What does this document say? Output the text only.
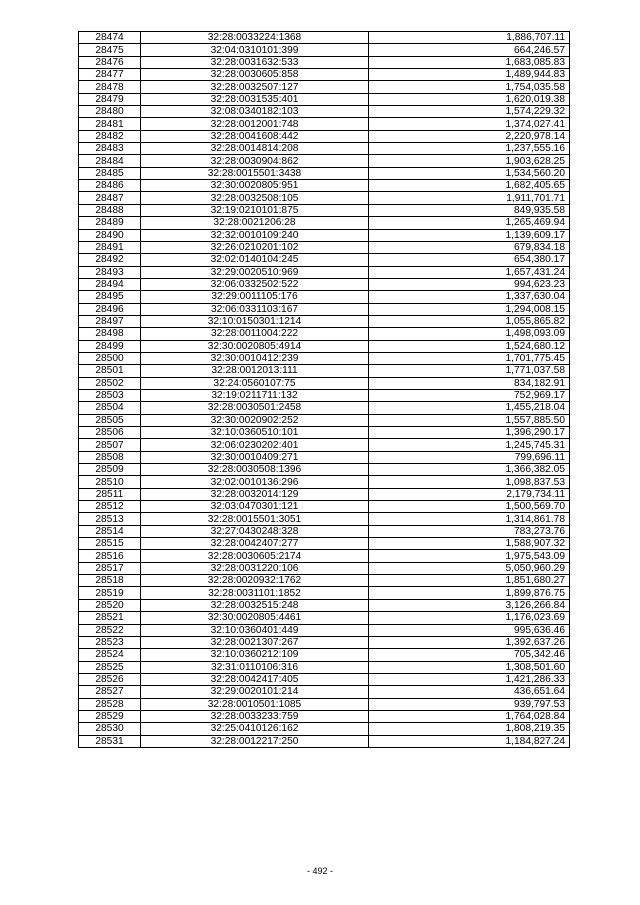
28474	32:28:0033224:1368	1,886,707.11
28475	32:04:0310101:399	664,246.57
28476	32:28:0031632:533	1,683,085.83
28477	32:28:0030605:858	1,489,944.83
28478	32:28:0032507:127	1,754,035.58
28479	32:28:0031535:401	1,620,019.38
28480	32:08:0340182:103	1,574,229.32
28481	32:28:0012001:748	1,374,027.41
28482	32:28:0041608:442	2,220,978.14
28483	32:28:0014814:208	1,237,555.16
28484	32:28:0030904:862	1,903,628.25
28485	32:28:0015501:3438	1,534,560.20
28486	32:30:0020805:951	1,682,405.65
28487	32:28:0032508:105	1,911,701.71
28488	32:19:0210101:875	849,935.58
28489	32:28:0021206:28	1,265,469.94
28490	32:32:0010109:240	1,139,609.17
28491	32:26:0210201:102	679,834.18
28492	32:02:0140104:245	654,380.17
28493	32:29:0020510:969	1,657,431.24
28494	32:06:0332502:522	994,623.23
28495	32:29:0011105:176	1,337,630.04
28496	32:06:0331103:167	1,294,008.15
28497	32:10:0150301:1214	1,055,865.82
28498	32:28:0011004:222	1,498,093.09
28499	32:30:0020805:4914	1,524,680.12
28500	32:30:0010412:239	1,701,775.45
28501	32:28:0012013:111	1,771,037.58
28502	32:24:0560107:75	834,182.91
28503	32:19:0211711:132	752,969.17
28504	32:28:0030501:2458	1,455,218.04
28505	32:30:0020902:252	1,557,885.50
28506	32:10:0360510:101	1,396,290.17
28507	32:06:0230202:401	1,245,745.31
28508	32:30:0010409:271	799,696.11
28509	32:28:0030508:1396	1,366,382.05
28510	32:02:0010136:296	1,098,837.53
28511	32:28:0032014:129	2,179,734.11
28512	32:03:0470301:121	1,500,569.70
28513	32:28:0015501:3051	1,314,861.78
28514	32:27:0430248:328	783,273.76
28515	32:28:0042407:277	1,588,907.32
28516	32:28:0030605:2174	1,975,543.09
28517	32:28:0031220:106	5,050,960.29
28518	32:28:0020932:1762	1,851,680.27
28519	32:28:0031101:1852	1,899,876.75
28520	32:28:0032515:248	3,126,266.84
28521	32:30:0020805:4461	1,176,023.69
28522	32:10:0360401:449	995,636.46
28523	32:28:0021307:267	1,392,637.26
28524	32:10:0360212:109	705,342.46
28525	32:31:0110106:316	1,308,501.60
28526	32:28:0042417:405	1,421,286.33
28527	32:29:0020101:214	436,651.64
28528	32:28:0010501:1085	939,797.53
28529	32:28:0033233:759	1,764,028.84
28530	32:25:0410126:162	1,808,219.35
28531	32:28:0012217:250	1,184,827.24
- 492 -
